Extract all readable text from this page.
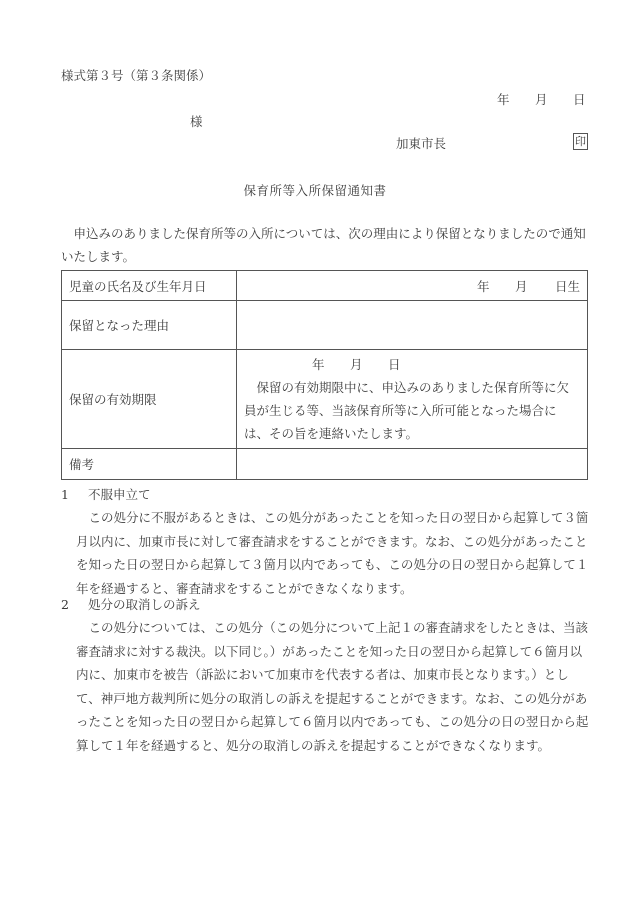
様式第３号（第３条関係）
年 月 日
様
加東市長	印
保育所等入所保留通知書
　申込みのありました保育所等の入所については、次の理由により保留となりましたので通知いたします。
児童の氏名及び生年月日	年 月 日生
保留となった理由	
保留の有効期限	年 月 日
保留の有効期限中に、申込みのありました保育所等に欠員が生じる等、当該保育所等に入所可能となった場合には、その旨を連絡いたします。

備考	
1 不服申立て
この処分に不服があるときは、この処分があったことを知った日の翌日から起算して３箇月以内に、加東市長に対して審査請求をすることができます。なお、この処分があったことを知った日の翌日から起算して３箇月以内であっても、この処分の日の翌日から起算して１年を経過すると、審査請求をすることができなくなります。
2 処分の取消しの訴え
この処分については、この処分（この処分について上記１の審査請求をしたときは、当該審査請求に対する裁決。以下同じ。）があったことを知った日の翌日から起算して６箇月以内に、加東市を被告（訴訟において加東市を代表する者は、加東市長となります。）として、神戸地方裁判所に処分の取消しの訴えを提起することができます。なお、この処分があったことを知った日の翌日から起算して６箇月以内であっても、この処分の日の翌日から起算して１年を経過すると、処分の取消しの訴えを提起することができなくなります。
